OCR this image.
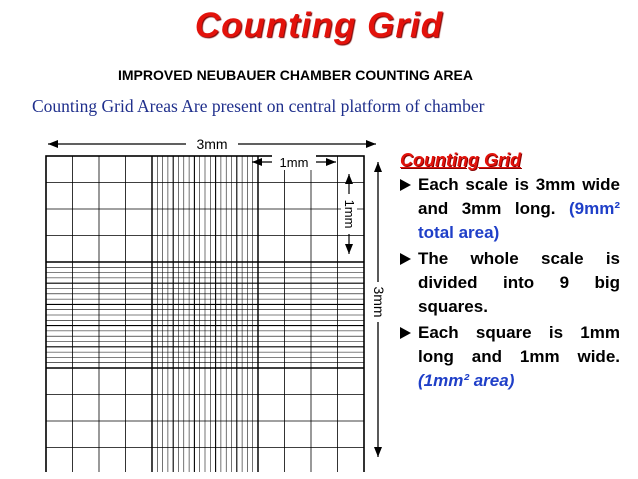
Counting Grid
IMPROVED NEUBAUER CHAMBER COUNTING AREA
Counting Grid Areas Are present on central platform of chamber
3mm
3mm
1mm
1mm
Counting Grid
Each scale is 3mm wide and 3mm long. (9mm² total area)
The whole scale is divided into 9 big squares.
Each square is 1mm long and 1mm wide. (1mm² area)
